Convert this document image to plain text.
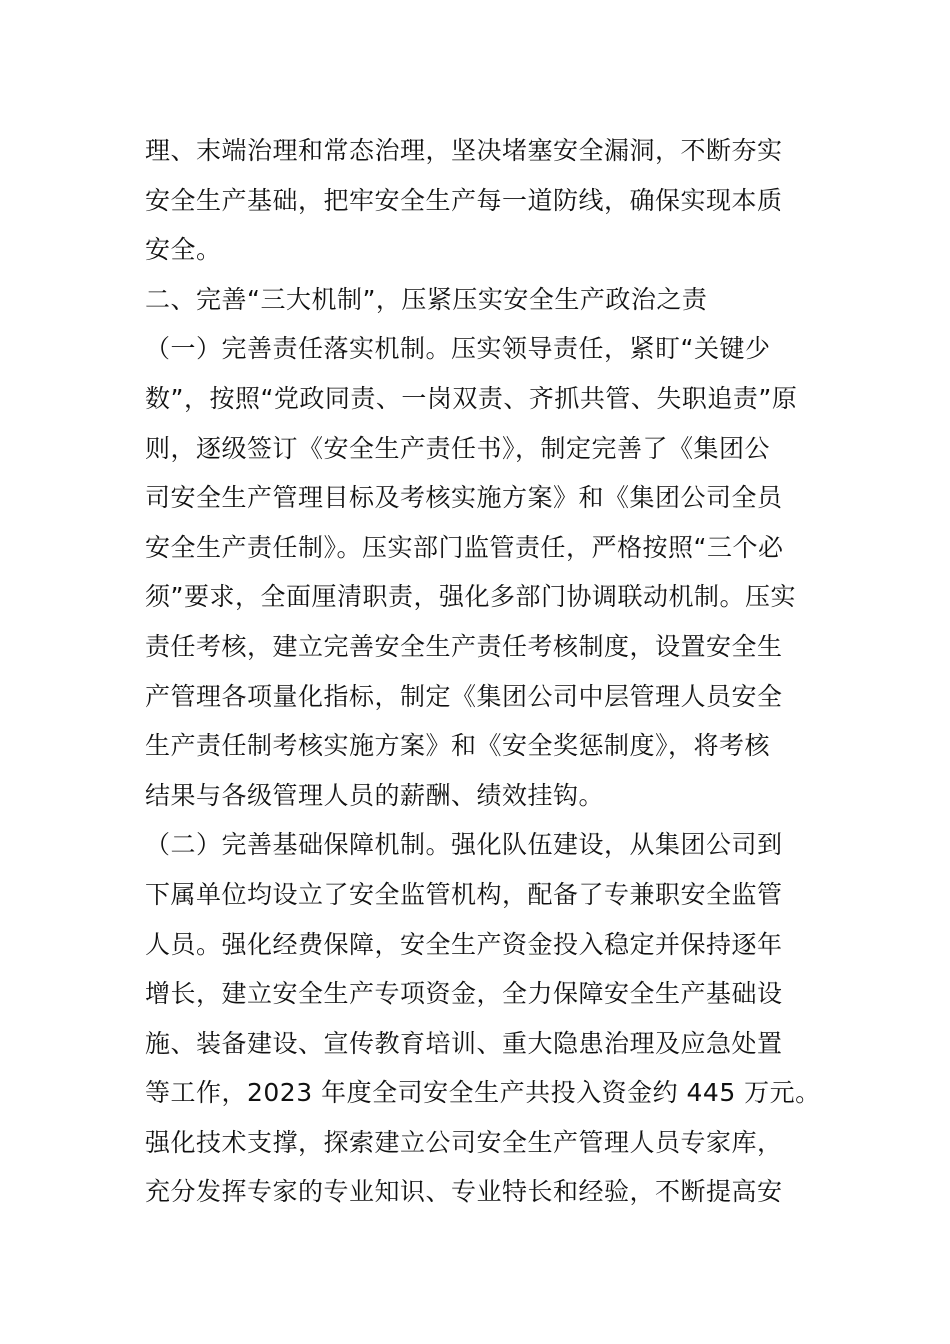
理、末端治理和常态治理，坚决堵塞安全漏洞，不断夯实
安全生产基础，把牢安全生产每一道防线，确保实现本质
安全。
二、完善“三大机制”，压紧压实安全生产政治之责
（一）完善责任落实机制。压实领导责任，紧盯“关键少
数”，按照“党政同责、一岗双责、齐抓共管、失职追责”原
则，逐级签订《安全生产责任书》，制定完善了《集团公
司安全生产管理目标及考核实施方案》和《集团公司全员
安全生产责任制》。压实部门监管责任，严格按照“三个必
须”要求，全面厘清职责，强化多部门协调联动机制。压实
责任考核，建立完善安全生产责任考核制度，设置安全生
产管理各项量化指标，制定《集团公司中层管理人员安全
生产责任制考核实施方案》和《安全奖惩制度》，将考核
结果与各级管理人员的薪酬、绩效挂钩。
（二）完善基础保障机制。强化队伍建设，从集团公司到
下属单位均设立了安全监管机构，配备了专兼职安全监管
人员。强化经费保障，安全生产资金投入稳定并保持逐年
增长，建立安全生产专项资金，全力保障安全生产基础设
施、装备建设、宣传教育培训、重大隐患治理及应急处置
等工作，2023 年度全司安全生产共投入资金约 445 万元。
强化技术支撑，探索建立公司安全生产管理人员专家库，
充分发挥专家的专业知识、专业特长和经验，不断提高安
